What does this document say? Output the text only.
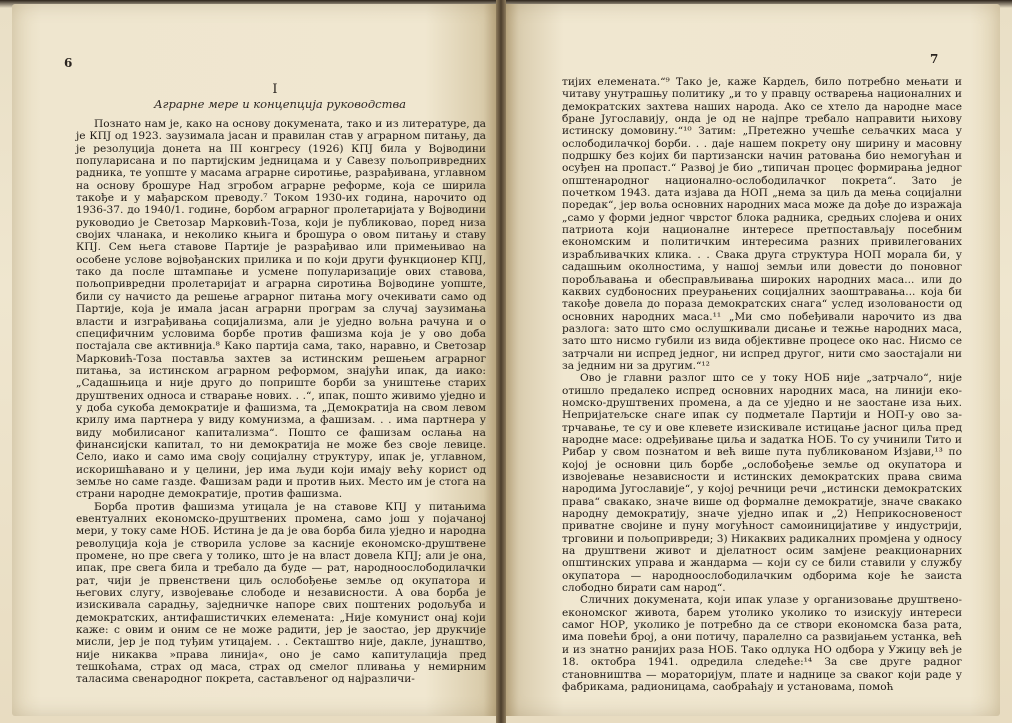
6	7
I
Аграрне мере и концепција руководства

Познато нам је, како на основу докумената, тако и из литературе, да је КПЈ од 1923. заузимала јасан и правилан став у аграрном питању, да је резолуција донета на III конгресу (1926) КПЈ била у Војводини популарисана и по партијским једницама и у Савезу пољопривредних радника, те уопште у масама аграрне сиротиње, разрађивана, углавном на основу брошуре Над згробом аграрне реформе, која се ширила такође и у мађарском преводу.⁷ Током 1930-их година, нарочито од 1936-37. до 1940/1. године, борбом аграрног пролетаријата у Војводини руководио је Светозар Марковић-Тоза, који је публиковао, поред низа својих чланака, и неколико књига и брошура о овом питању и ставу КПЈ. Сем њега ставове Партије је разрађивао или примењивао на особене услове војвођанских прилика и по који други функционер КПЈ, тако да после штампање и усмене популаризације ових ставова, пољопривредни пролетаријат и аграрна сиротиња Војводине уопште, били су начисто да решење аграрног питања могу очекивати само од Партије, која је имала јасан аграрни програм за случај заузимања власти и изграђивања социјализма, али је уједно вољна рачуна и о специфичним условима борбе против фашизма која је у ово доба постајала све активнија.⁸ Како партија сама, тако, наравно, и Светозар Марковић-Тоза постављa захтев за истинским решењем аграрног питања, за истинском аграрном реформом, знајући ипак, да иако: „Садашњица и није друго до поприште борби за уништење старих друштвених односа и стварање нових. . .“, ипак, пошто живимо уједно и у доба сукоба демократије и фашизма, та „Демократија на свом левом крилу има партнера у виду комунизма, а фашизам. . . има партнера у виду мобилисаног капитализма“. Пошто се фашизам ослања на финансијски капитал, то ни демократија не може без своје левице. Село, иако и само има своју социјалну структуру, ипак је, углавном, искоришћавано и у целини, јер има људи који имају већу корист од земље но саме газде. Фашизам ради и против њих. Место им је стога на страни народне демократије, против фашизма.

Борба против фашизма утицала је на ставове КПЈ у питањима евентуалних економско-друштвених промена, само још у појачаној мери, у току саме НОБ. Истина је да је ова борба била уједно и народна револуција која је створила услове за касније економско-друштвене промене, но пре свега у толико, што је на власт довела КПЈ; али је она, ипак, пре свега била и требало да буде — рат, народноослободилачки рат, чији је првенствени циљ ослобођење земље од окупатора и његових слугу, извојевање слободе и независности. А ова борба је изискивала сарадњу, заједничке напоре свих поштених родољуба и демократских, антифашистичких елемената: „Није комунист онај који каже: с овим и оним се не може радити, јер је заостао, јер друкчије мисли, јер је под туђим утицајем. . . Секташтво није, дакле, јунаштво, није никаква »права линија«, оно је само капитулација пред тешкоћама, страх од маса, страх од смелог пливања у немирним таласима свенародног покрета, састављеног од најразличи-

тијих елемената.“⁹ Тако је, каже Кардељ, било потребно мењати и читаву унутрашњу политику „и то у правцу остварења националних и демократских захтева наших народа. Ако се хтело да народне масе бране Југославију, онда је од не најпре требало направити њихову истинску домовину.“¹⁰ Затим: „Претежно учешће сељачких маса у ослободилачкој борби. . . даје нашем покрету ону ширину и масовну подршку без којих би партизански начин ратовања био немогућан и осуђен на пропаст.“ Развој је био „типичан процес формирања једног општенародног национално-ослободилачког покрета“. Зато је почетком 1943. дата изјава да НОП „нема за циљ да мења социјални поредак“, јер воља основних народних маса може да дође до изражаја „само у форми једног чврстог блока радника, средњих слојева и оних патриота који националне интересе претпостављају посебним економским и политичким интересима разних привилегованих израбљивачких клика. . . Свака друга структура НОП морала би, у садашњим околностима, у нашој земљи или довести до поновног поробљавања и обесправљивања широких народних маса... или до каквих судбоносних преурањених социјалних заоштравања... која би такође довела до пораза демократских снага“ услед изолованости од основних народних маса.¹¹ „Ми смо побеђивали нарочито из два разлога: зато што смо ослушкивали дисање и тежње народних маса, зато што нисмо губили из вида објективне процесе око нас. Нисмо се затрчали ни испред једног, ни испред другог, нити смо заостајали ни за једним ни за другим.“¹²

Ово је главни разлог што се у току НОБ није „затрчало“, није отишло предалеко испред основних народних маса, на линији економско-друштвених промена, а да се уједно и не заостане иза њих. Непријатељске снаге ипак су подметале Партији и НОП-у ово затрчавање, те су и ове клевете изискивале истицање јасног циља пред народне масе: одређивање циља и задатка НОБ. То су учинили Тито и Рибар у свом познатом и већ више пута публикованом Изјави,¹³ по којој је основни циљ борбе „ослобођење земље од окупатора и извојевање независности и истинских демократских права свима народима Југославије“, у којој речници речи „истински демократских права“ свакако, значе више од формалне демократије, значе свакако народну демократију, значе уједно ипак и „2) Неприкосновеност приватне својине и пуну могућност самоиницијативе у индустрији, трговини и пољопривреди; 3) Никаквих радикалних промјена у односу на друштвени живот и дјелатност осим замјене реакционарних општинских управа и жандарма — који су се били ставили у службу окупатора — народноослободилачким одборима које ће заиста слободно бирати сам народ“.

Сличних докумената, који ипак улазе у организовање друштвено-економског живота, барем утолико уколико то изискују интереси самог НОР, уколико је потребно да се створи економска база рата, има повећи број, а они потичу, паралелно са развијањем устанка, већ и из знатно ранијих раза НОБ. Тако одлука НО одбора у Ужицу већ је 18. октобра 1941. одредила следеће:¹⁴ За све друге радног становништва — мораторијум, плате и наднице за сваког који раде у фабрикама, радионицама, саобраћају и установама, помоћ
